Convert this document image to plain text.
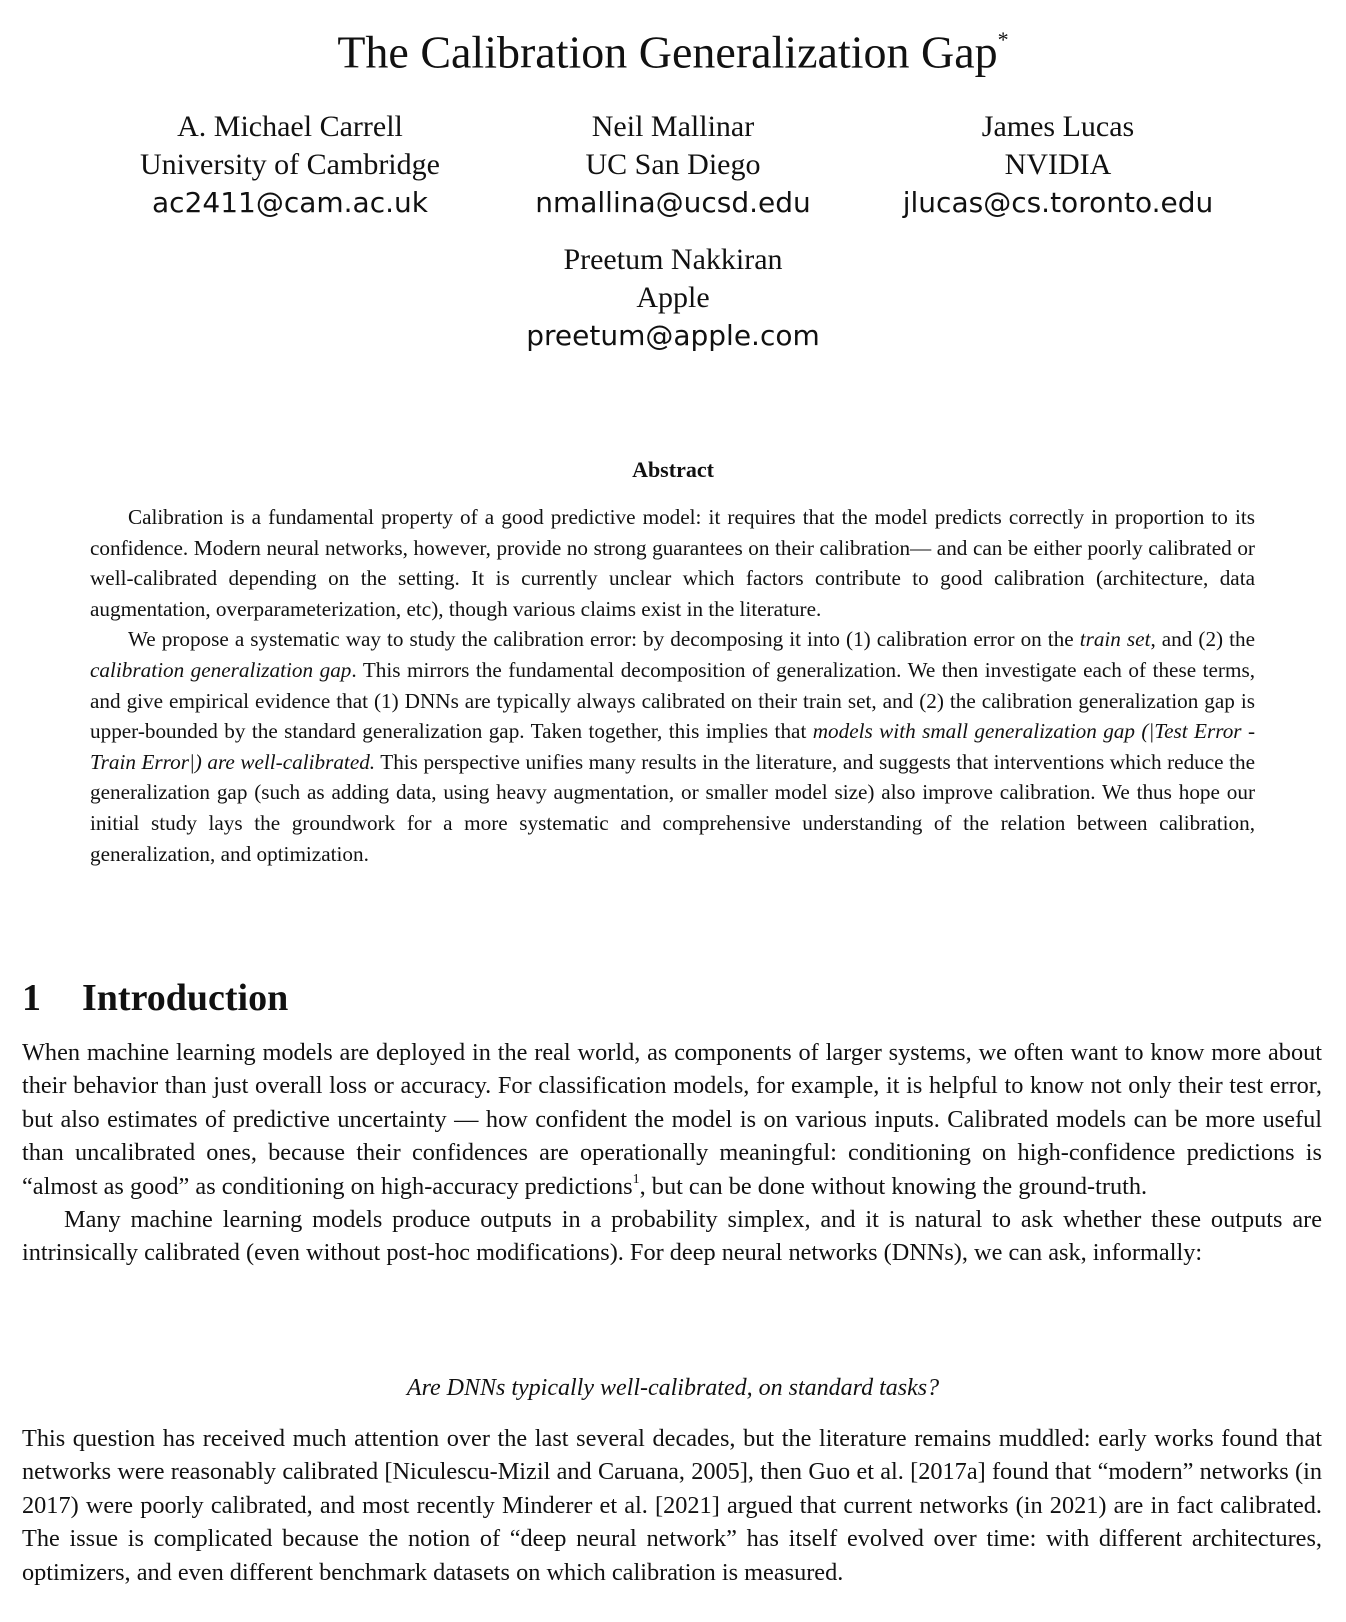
The Calibration Generalization Gap*
A. Michael Carrell
University of Cambridge
ac2411@cam.ac.uk
Neil Mallinar
UC San Diego
nmallina@ucsd.edu
James Lucas
NVIDIA
jlucas@cs.toronto.edu
Preetum Nakkiran
Apple
preetum@apple.com
Abstract

Calibration is a fundamental property of a good predictive model: it requires that the model predicts correctly in proportion to its confidence. Modern neural networks, however, provide no strong guarantees on their calibration— and can be either poorly calibrated or well-calibrated depending on the setting. It is currently unclear which factors contribute to good calibration (architecture, data augmentation, overparameterization, etc), though various claims exist in the literature.

We propose a systematic way to study the calibration error: by decomposing it into (1) calibration error on the train set, and (2) the calibration generalization gap. This mirrors the fundamental decomposition of generalization. We then investigate each of these terms, and give empirical evidence that (1) DNNs are typically always calibrated on their train set, and (2) the calibration generalization gap is upper-bounded by the standard generalization gap. Taken together, this implies that models with small generalization gap (|Test Error - Train Error|) are well-calibrated. This perspective unifies many results in the literature, and suggests that interventions which reduce the generalization gap (such as adding data, using heavy augmentation, or smaller model size) also improve calibration. We thus hope our initial study lays the groundwork for a more systematic and comprehensive understanding of the relation between calibration, generalization, and optimization.

1 Introduction

When machine learning models are deployed in the real world, as components of larger systems, we often want to know more about their behavior than just overall loss or accuracy. For classification models, for example, it is helpful to know not only their test error, but also estimates of predictive uncertainty — how confident the model is on various inputs. Calibrated models can be more useful than uncalibrated ones, because their confidences are operationally meaningful: conditioning on high-confidence predictions is “almost as good” as conditioning on high-accuracy predictions$^1$, but can be done without knowing the ground-truth.

Many machine learning models produce outputs in a probability simplex, and it is natural to ask whether these outputs are intrinsically calibrated (even without post-hoc modifications). For deep neural networks (DNNs), we can ask, informally:

Are DNNs typically well-calibrated, on standard tasks?

This question has received much attention over the last several decades, but the literature remains muddled: early works found that networks were reasonably calibrated [Niculescu-Mizil and Caruana, 2005], then Guo et al. [2017a] found that “modern” networks (in 2017) were poorly calibrated, and most recently Minderer et al. [2021] argued that current networks (in 2021) are in fact calibrated. The issue is complicated because the notion of “deep neural network” has itself evolved over time: with different architectures, optimizers, and even different benchmark datasets on which calibration is measured.
